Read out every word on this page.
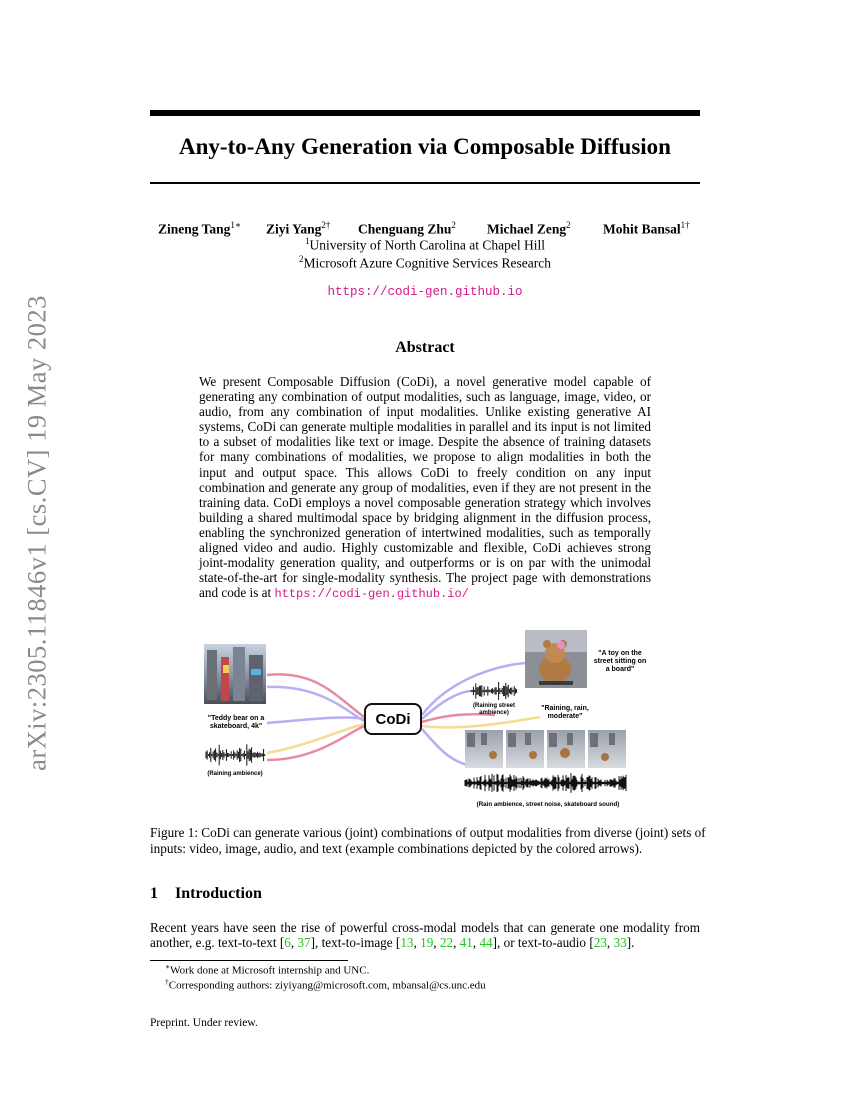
arXiv:2305.11846v1 [cs.CV] 19 May 2023
Any-to-Any Generation via Composable Diffusion
Zineng Tang$^{1∗}$ Ziyi Yang$^{2\dagger}$ Chenguang Zhu$^2$ Michael Zeng$^2$ Mohit Bansal$^{1\dagger}$
$^1$University of North Carolina at Chapel Hill
$^2$Microsoft Azure Cognitive Services Research
https://codi-gen.github.io
Abstract
We present Composable Diffusion (CoDi), a novel generative model capable of generating any combination of output modalities, such as language, image, video, or audio, from any combination of input modalities. Unlike existing generative AI systems, CoDi can generate multiple modalities in parallel and its input is not limited to a subset of modalities like text or image. Despite the absence of training datasets for many combinations of modalities, we propose to align modalities in both the input and output space. This allows CoDi to freely condition on any input combination and generate any group of modalities, even if they are not present in the training data. CoDi employs a novel composable generation strategy which involves building a shared multimodal space by bridging alignment in the diffusion process, enabling the synchronized generation of intertwined modalities, such as temporally aligned video and audio. Highly customizable and flexible, CoDi achieves strong joint-modality generation quality, and outperforms or is on par with the unimodal state-of-the-art for single-modality synthesis. The project page with demonstrations and code is at https://codi-gen.github.io/
"Teddy bear on a skateboard, 4k"
(Raining ambience)
CoDi
"A toy on the street sitting on a board"
(Raining street ambience)
"Raining, rain, moderate"
(Rain ambience, street noise, skateboard sound)
Figure 1: CoDi can generate various (joint) combinations of output modalities from diverse (joint) sets of inputs: video, image, audio, and text (example combinations depicted by the colored arrows).
1 Introduction
Recent years have seen the rise of powerful cross-modal models that can generate one modality from another, e.g. text-to-text [6, 37], text-to-image [13, 19, 22, 41, 44], or text-to-audio [23, 33].
∗Work done at Microsoft internship and UNC.
†Corresponding authors: ziyiyang@microsoft.com, mbansal@cs.unc.edu
Preprint. Under review.
